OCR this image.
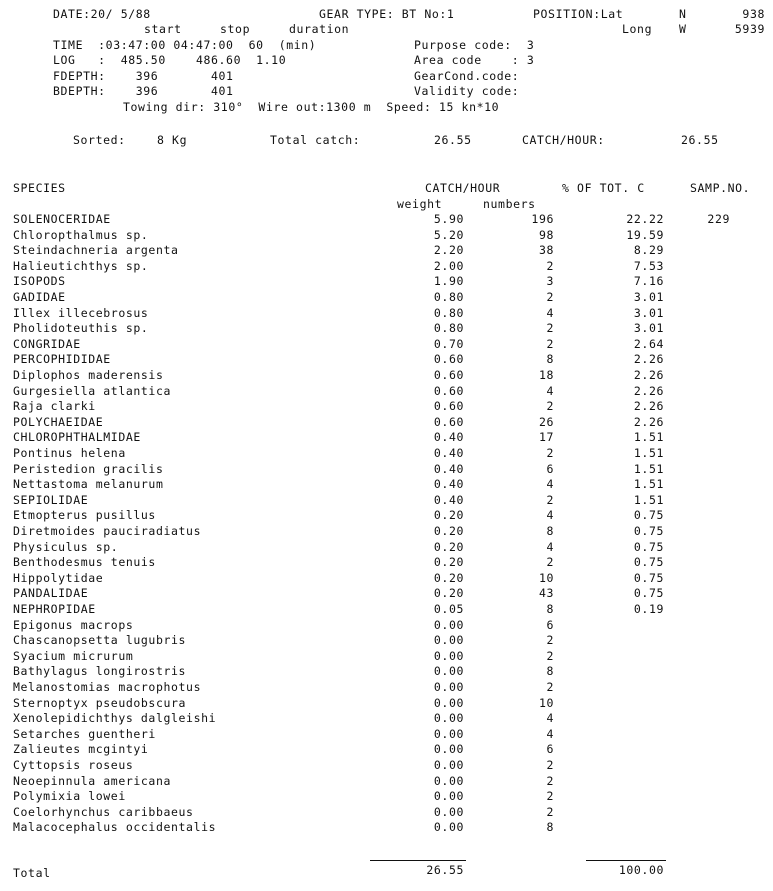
DATE:20/ 5/88	GEAR TYPE: BT No:1	POSITION:Lat	N	938
start	stop	duration	Long W	5939
TIME  :03:47:00 04:47:00  60  (min)	Purpose code:  3
LOG   :  485.50    486.60  1.10	Area code    : 3
FDEPTH:    396       401	GearCond.code:
BDEPTH:    396       401	Validity code:
Towing dir: 310°  Wire out:1300 m  Speed: 15 kn*10
Sorted:	8 Kg	Total catch:	26.55	CATCH/HOUR:	26.55
SPECIES	CATCH/HOUR	% OF TOT. C	SAMP.NO.
weight	numbers
SOLENOCERIDAE	5.90	196	22.22	229
Chloropthalmus sp.	5.20	98	19.59
Steindachneria argenta	2.20	38	8.29
Halieutichthys sp.	2.00	2	7.53
ISOPODS	1.90	3	7.16
GADIDAE	0.80	2	3.01
Illex illecebrosus	0.80	4	3.01
Pholidoteuthis sp.	0.80	2	3.01
CONGRIDAE	0.70	2	2.64
PERCOPHIDIDAE	0.60	8	2.26
Diplophos maderensis	0.60	18	2.26
Gurgesiella atlantica	0.60	4	2.26
Raja clarki	0.60	2	2.26
POLYCHAEIDAE	0.60	26	2.26
CHLOROPHTHALMIDAE	0.40	17	1.51
Pontinus helena	0.40	2	1.51
Peristedion gracilis	0.40	6	1.51
Nettastoma melanurum	0.40	4	1.51
SEPIOLIDAE	0.40	2	1.51
Etmopterus pusillus	0.20	4	0.75
Diretmoides pauciradiatus	0.20	8	0.75
Physiculus sp.	0.20	4	0.75
Benthodesmus tenuis	0.20	2	0.75
Hippolytidae	0.20	10	0.75
PANDALIDAE	0.20	43	0.75
NEPHROPIDAE	0.05	8	0.19
Epigonus macrops	0.00	6
Chascanopsetta lugubris	0.00	2
Syacium micrurum	0.00	2
Bathylagus longirostris	0.00	8
Melanostomias macrophotus	0.00	2
Sternoptyx pseudobscura	0.00	10
Xenolepidichthys dalgleishi	0.00	4
Setarches guentheri	0.00	4
Zalieutes mcgintyi	0.00	6
Cyttopsis roseus	0.00	2
Neoepinnula americana	0.00	2
Polymixia lowei	0.00	2
Coelorhynchus caribbaeus	0.00	2
Malacocephalus occidentalis	0.00	8
Total	26.55	100.00
